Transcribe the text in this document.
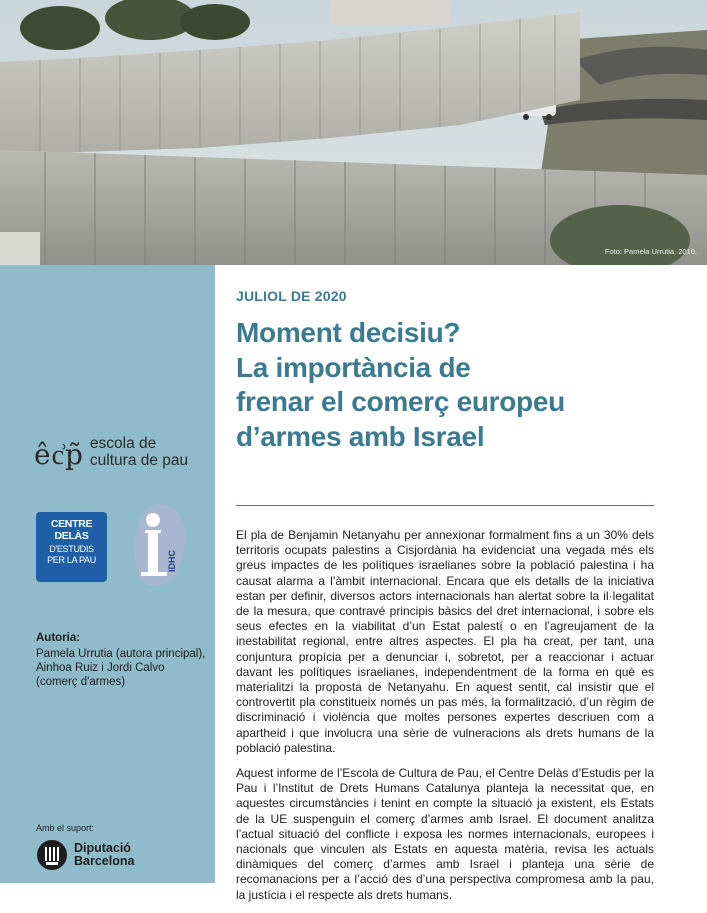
Foto: Pamela Urrutia, 2010.
êc͗p̃ escola de
cultura de pau
CENTRE DELÀS
D'ESTUDIS
PER LA PAU	IDHC
Autoria:
Pamela Urrutia (autora principal), Ainhoa Ruiz i Jordi Calvo (comerç d'armes)
Amb el suport:
Diputació
Barcelona
JULIOL DE 2020
Moment decisiu?
La importància de
frenar el comerç europeu
d’armes amb Israel

El pla de Benjamin Netanyahu per annexionar formalment fins a un 30% dels territoris ocupats palestins a Cisjordània ha evidenciat una vegada més els greus impactes de les polítiques israelianes sobre la població palestina i ha causat alarma a l’àmbit internacional. Encara que els detalls de la iniciativa estan per definir, diversos actors internacionals han alertat sobre la il·legalitat de la mesura, que contravé principis bàsics del dret internacional, i sobre els seus efectes en la viabilitat d’un Estat palestí o en l’agreujament de la inestabilitat regional, entre altres aspectes. El pla ha creat, per tant, una conjuntura propícia per a denunciar i, sobretot, per a reaccionar i actuar davant les polítiques israelianes, independentment de la forma en què es materialitzi la proposta de Netanyahu. En aquest sentit, cal insistir que el controvertit pla constitueix només un pas més, la formalització, d’un règim de discriminació i violència que moltes persones expertes descriuen com a apartheid i que involucra una sèrie de vulneracions als drets humans de la població palestina.

Aquest informe de l’Escola de Cultura de Pau, el Centre Delàs d’Estudis per la Pau i l’Institut de Drets Humans Catalunya planteja la necessitat que, en aquestes circumstàncies i tenint en compte la situació ja existent, els Estats de la UE suspenguin el comerç d’armes amb Israel. El document analitza l’actual situació del conflicte i exposa les normes internacionals, europees i nacionals que vinculen als Estats en aquesta matèria, revisa les actuals dinàmiques del comerç d’armes amb Israel i planteja una sèrie de recomanacions per a l’acció des d’una perspectiva compromesa amb la pau, la justícia i el respecte als drets humans.
